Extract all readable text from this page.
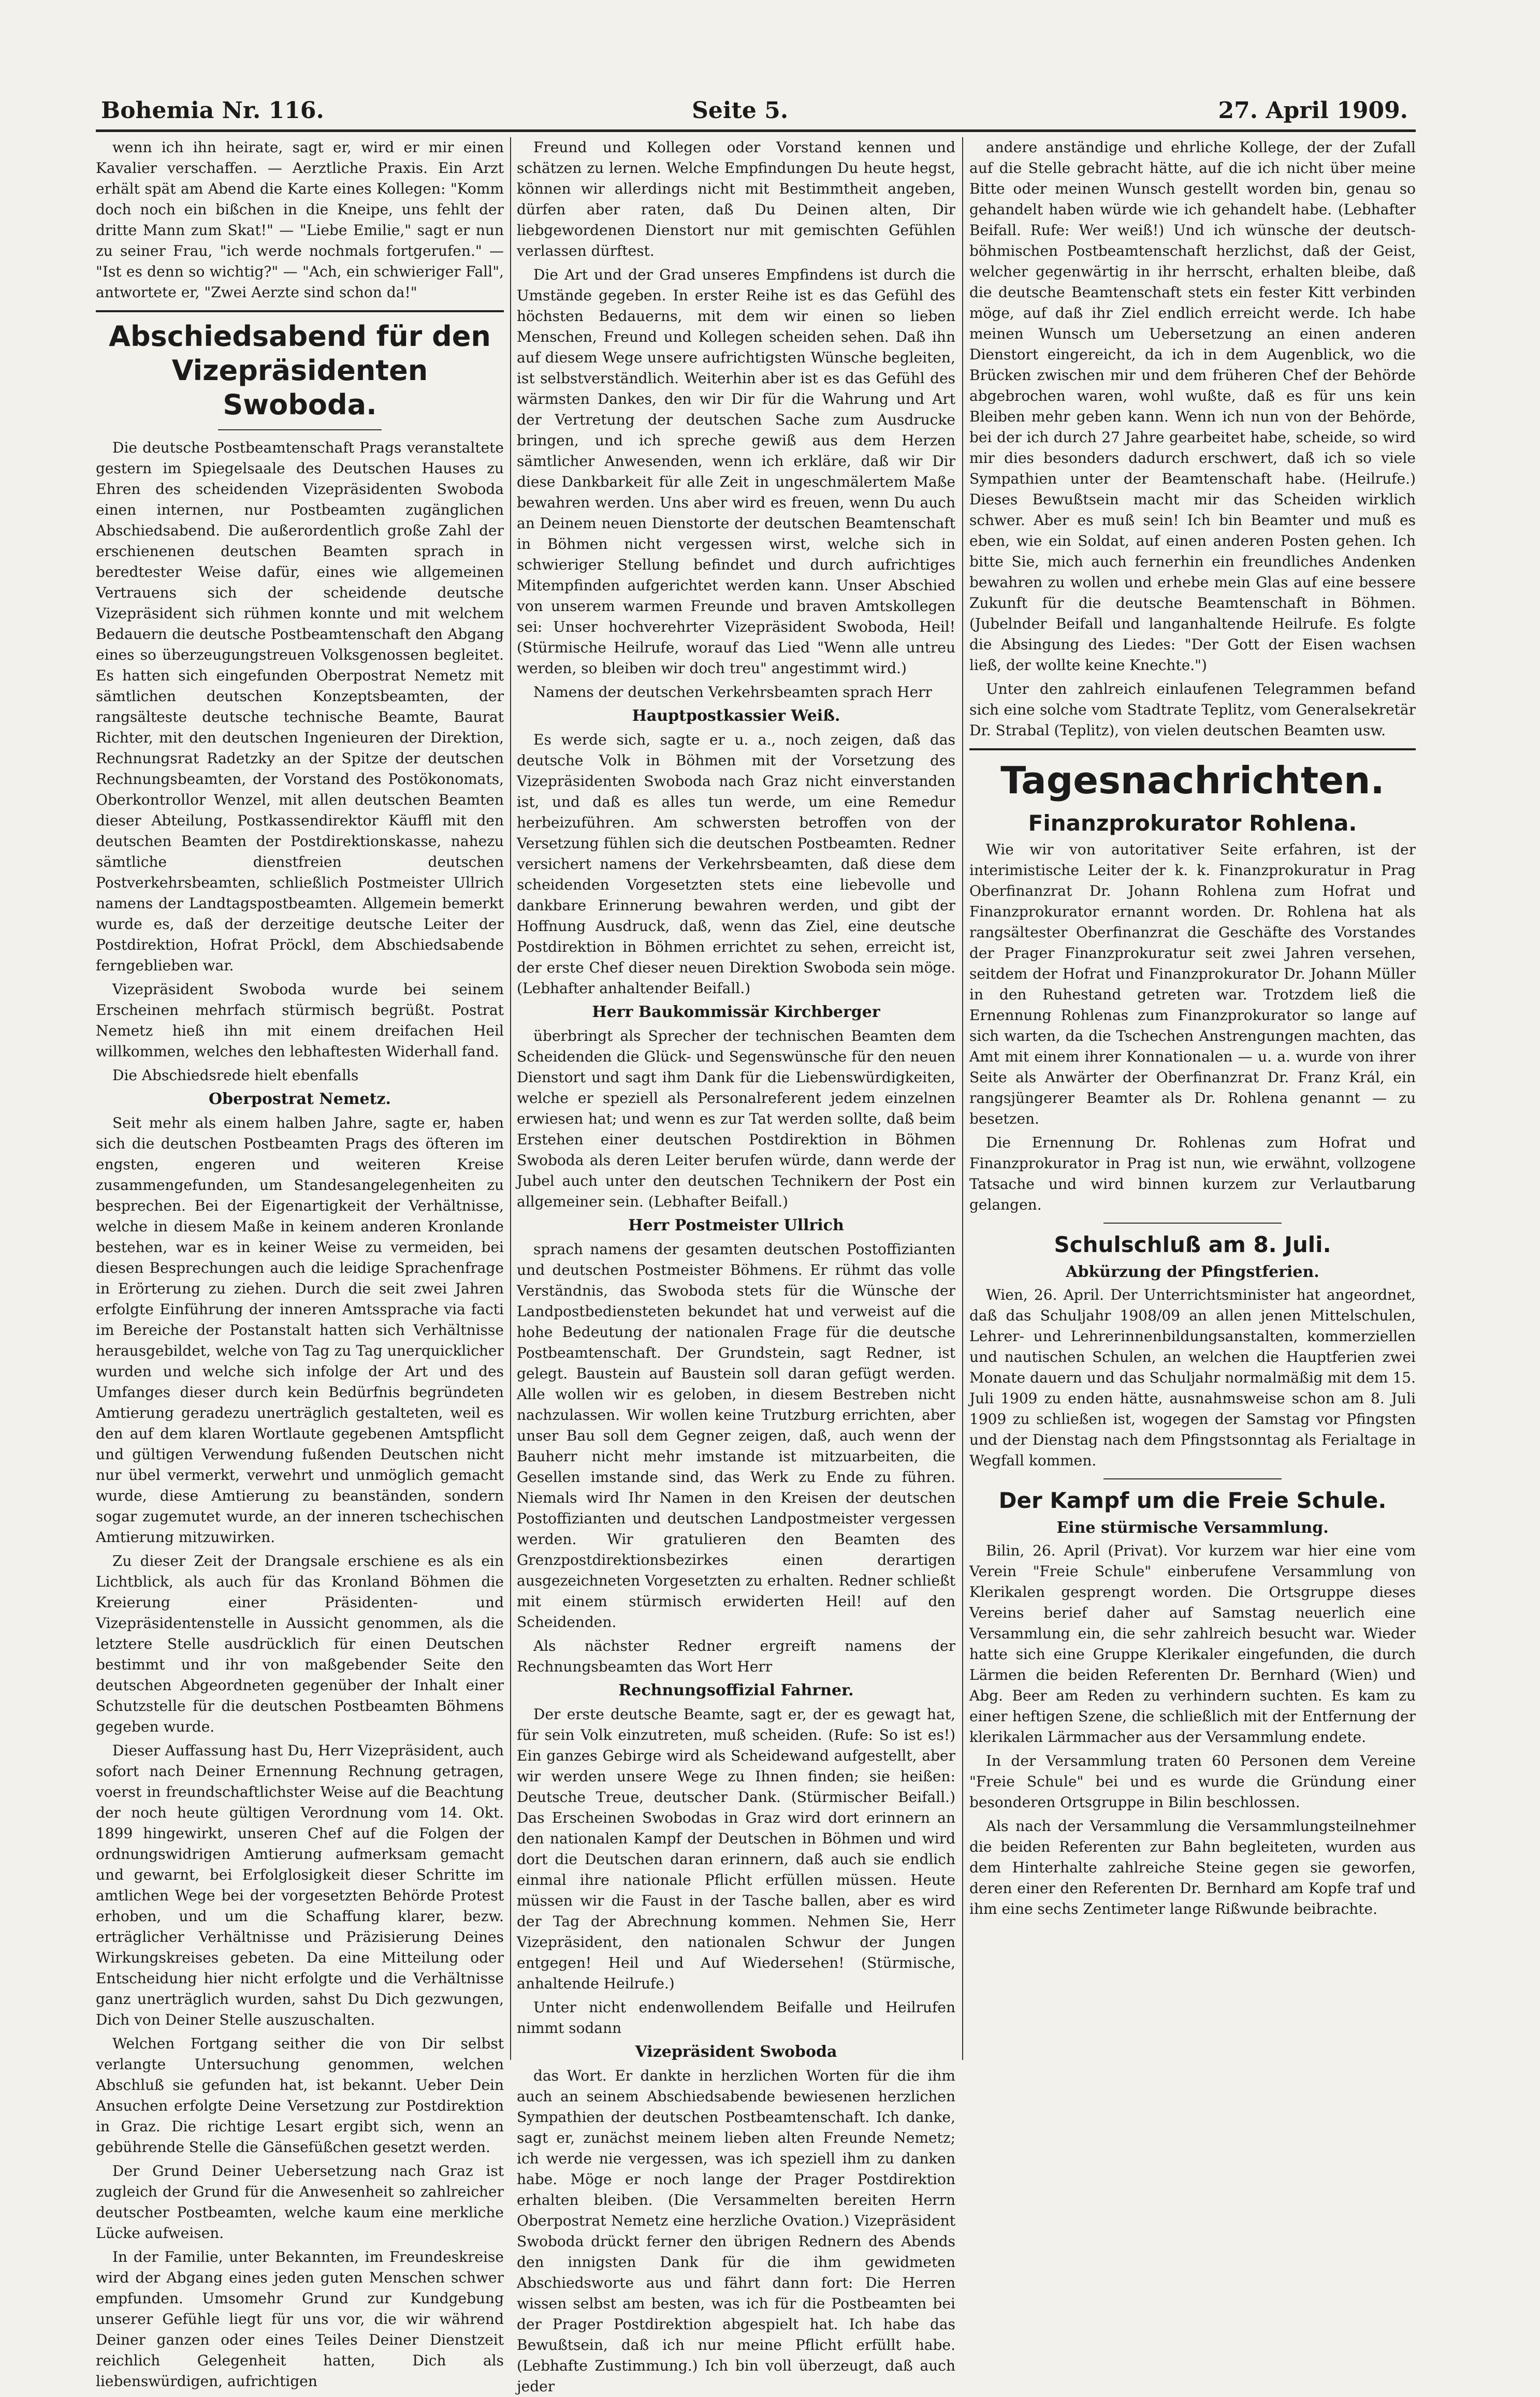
Bohemia Nr. 116.	Seite 5.	27. April 1909.

wenn ich ihn heirate, sagt er, wird er mir einen Kavalier verschaffen. — Aerztliche Praxis. Ein Arzt erhält spät am Abend die Karte eines Kollegen: "Komm doch noch ein bißchen in die Kneipe, uns fehlt der dritte Mann zum Skat!" — "Liebe Emilie," sagt er nun zu seiner Frau, "ich werde nochmals fortgerufen." — "Ist es denn so wichtig?" — "Ach, ein schwieriger Fall", antwortete er, "Zwei Aerzte sind schon da!"

Abschiedsabend für den Vizepräsidenten Swoboda.

Die deutsche Postbeamtenschaft Prags veranstaltete gestern im Spiegelsaale des Deutschen Hauses zu Ehren des scheidenden Vizepräsidenten Swoboda einen internen, nur Postbeamten zugänglichen Abschiedsabend. Die außerordentlich große Zahl der erschienenen deutschen Beamten sprach in beredtester Weise dafür, eines wie allgemeinen Vertrauens sich der scheidende deutsche Vizepräsident sich rühmen konnte und mit welchem Bedauern die deutsche Postbeamtenschaft den Abgang eines so überzeugungstreuen Volksgenossen begleitet. Es hatten sich eingefunden Oberpostrat Nemetz mit sämtlichen deutschen Konzeptsbeamten, der rangsälteste deutsche technische Beamte, Baurat Richter, mit den deutschen Ingenieuren der Direktion, Rechnungsrat Radetzky an der Spitze der deutschen Rechnungsbeamten, der Vorstand des Postökonomats, Oberkontrollor Wenzel, mit allen deutschen Beamten dieser Abteilung, Postkassendirektor Käuffl mit den deutschen Beamten der Postdirektionskasse, nahezu sämtliche dienstfreien deutschen Postverkehrsbeamten, schließlich Postmeister Ullrich namens der Landtagspostbeamten. Allgemein bemerkt wurde es, daß der derzeitige deutsche Leiter der Postdirektion, Hofrat Pröckl, dem Abschiedsabende ferngeblieben war.

Vizepräsident Swoboda wurde bei seinem Erscheinen mehrfach stürmisch begrüßt. Postrat Nemetz hieß ihn mit einem dreifachen Heil willkommen, welches den lebhaftesten Widerhall fand.

Die Abschiedsrede hielt ebenfalls

Oberpostrat Nemetz.

Seit mehr als einem halben Jahre, sagte er, haben sich die deutschen Postbeamten Prags des öfteren im engsten, engeren und weiteren Kreise zusammengefunden, um Standesangelegenheiten zu besprechen. Bei der Eigenartigkeit der Verhältnisse, welche in diesem Maße in keinem anderen Kronlande bestehen, war es in keiner Weise zu vermeiden, bei diesen Besprechungen auch die leidige Sprachenfrage in Erörterung zu ziehen. Durch die seit zwei Jahren erfolgte Einführung der inneren Amtssprache via facti im Bereiche der Postanstalt hatten sich Verhältnisse herausgebildet, welche von Tag zu Tag unerquicklicher wurden und welche sich infolge der Art und des Umfanges dieser durch kein Bedürfnis begründeten Amtierung geradezu unerträglich gestalteten, weil es den auf dem klaren Wortlaute gegebenen Amtspflicht und gültigen Verwendung fußenden Deutschen nicht nur übel vermerkt, verwehrt und unmöglich gemacht wurde, diese Amtierung zu beanständen, sondern sogar zugemutet wurde, an der inneren tschechischen Amtierung mitzuwirken.

Zu dieser Zeit der Drangsale erschiene es als ein Lichtblick, als auch für das Kronland Böhmen die Kreierung einer Präsidenten- und Vizepräsidentenstelle in Aussicht genommen, als die letztere Stelle ausdrücklich für einen Deutschen bestimmt und ihr von maßgebender Seite den deutschen Abgeordneten gegenüber der Inhalt einer Schutzstelle für die deutschen Postbeamten Böhmens gegeben wurde.

Dieser Auffassung hast Du, Herr Vizepräsident, auch sofort nach Deiner Ernennung Rechnung getragen, voerst in freundschaftlichster Weise auf die Beachtung der noch heute gültigen Verordnung vom 14. Okt. 1899 hingewirkt, unseren Chef auf die Folgen der ordnungswidrigen Amtierung aufmerksam gemacht und gewarnt, bei Erfolglosigkeit dieser Schritte im amtlichen Wege bei der vorgesetzten Behörde Protest erhoben, und um die Schaffung klarer, bezw. erträglicher Verhältnisse und Präzisierung Deines Wirkungskreises gebeten. Da eine Mitteilung oder Entscheidung hier nicht erfolgte und die Verhältnisse ganz unerträglich wurden, sahst Du Dich gezwungen, Dich von Deiner Stelle auszuschalten.

Welchen Fortgang seither die von Dir selbst verlangte Untersuchung genommen, welchen Abschluß sie gefunden hat, ist bekannt. Ueber Dein Ansuchen erfolgte Deine Versetzung zur Postdirektion in Graz. Die richtige Lesart ergibt sich, wenn an gebührende Stelle die Gänsefüßchen gesetzt werden.

Der Grund Deiner Uebersetzung nach Graz ist zugleich der Grund für die Anwesenheit so zahlreicher deutscher Postbeamten, welche kaum eine merkliche Lücke aufweisen.

In der Familie, unter Bekannten, im Freundeskreise wird der Abgang eines jeden guten Menschen schwer empfunden. Umsomehr Grund zur Kundgebung unserer Gefühle liegt für uns vor, die wir während Deiner ganzen oder eines Teiles Deiner Dienstzeit reichlich Gelegenheit hatten, Dich als liebenswürdigen, aufrichtigen

Freund und Kollegen oder Vorstand kennen und schätzen zu lernen. Welche Empfindungen Du heute hegst, können wir allerdings nicht mit Bestimmtheit angeben, dürfen aber raten, daß Du Deinen alten, Dir liebgewordenen Dienstort nur mit gemischten Gefühlen verlassen dürftest.

Die Art und der Grad unseres Empfindens ist durch die Umstände gegeben. In erster Reihe ist es das Gefühl des höchsten Bedauerns, mit dem wir einen so lieben Menschen, Freund und Kollegen scheiden sehen. Daß ihn auf diesem Wege unsere aufrichtigsten Wünsche begleiten, ist selbstverständlich. Weiterhin aber ist es das Gefühl des wärmsten Dankes, den wir Dir für die Wahrung und Art der Vertretung der deutschen Sache zum Ausdrucke bringen, und ich spreche gewiß aus dem Herzen sämtlicher Anwesenden, wenn ich erkläre, daß wir Dir diese Dankbarkeit für alle Zeit in ungeschmälertem Maße bewahren werden. Uns aber wird es freuen, wenn Du auch an Deinem neuen Dienstorte der deutschen Beamtenschaft in Böhmen nicht vergessen wirst, welche sich in schwieriger Stellung befindet und durch aufrichtiges Mitempfinden aufgerichtet werden kann. Unser Abschied von unserem warmen Freunde und braven Amtskollegen sei: Unser hochverehrter Vizepräsident Swoboda, Heil! (Stürmische Heilrufe, worauf das Lied "Wenn alle untreu werden, so bleiben wir doch treu" angestimmt wird.)

Namens der deutschen Verkehrsbeamten sprach Herr

Hauptpostkassier Weiß.

Es werde sich, sagte er u. a., noch zeigen, daß das deutsche Volk in Böhmen mit der Vorsetzung des Vizepräsidenten Swoboda nach Graz nicht einverstanden ist, und daß es alles tun werde, um eine Remedur herbeizuführen. Am schwersten betroffen von der Versetzung fühlen sich die deutschen Postbeamten. Redner versichert namens der Verkehrsbeamten, daß diese dem scheidenden Vorgesetzten stets eine liebevolle und dankbare Erinnerung bewahren werden, und gibt der Hoffnung Ausdruck, daß, wenn das Ziel, eine deutsche Postdirektion in Böhmen errichtet zu sehen, erreicht ist, der erste Chef dieser neuen Direktion Swoboda sein möge. (Lebhafter anhaltender Beifall.)

Herr Baukommissär Kirchberger

überbringt als Sprecher der technischen Beamten dem Scheidenden die Glück- und Segenswünsche für den neuen Dienstort und sagt ihm Dank für die Liebenswürdigkeiten, welche er speziell als Personalreferent jedem einzelnen erwiesen hat; und wenn es zur Tat werden sollte, daß beim Erstehen einer deutschen Postdirektion in Böhmen Swoboda als deren Leiter berufen würde, dann werde der Jubel auch unter den deutschen Technikern der Post ein allgemeiner sein. (Lebhafter Beifall.)

Herr Postmeister Ullrich

sprach namens der gesamten deutschen Postoffizianten und deutschen Postmeister Böhmens. Er rühmt das volle Verständnis, das Swoboda stets für die Wünsche der Landpostbediensteten bekundet hat und verweist auf die hohe Bedeutung der nationalen Frage für die deutsche Postbeamtenschaft. Der Grundstein, sagt Redner, ist gelegt. Baustein auf Baustein soll daran gefügt werden. Alle wollen wir es geloben, in diesem Bestreben nicht nachzulassen. Wir wollen keine Trutzburg errichten, aber unser Bau soll dem Gegner zeigen, daß, auch wenn der Bauherr nicht mehr imstande ist mitzuarbeiten, die Gesellen imstande sind, das Werk zu Ende zu führen. Niemals wird Ihr Namen in den Kreisen der deutschen Postoffizianten und deutschen Landpostmeister vergessen werden. Wir gratulieren den Beamten des Grenzpostdirektionsbezirkes einen derartigen ausgezeichneten Vorgesetzten zu erhalten. Redner schließt mit einem stürmisch erwiderten Heil! auf den Scheidenden.

Als nächster Redner ergreift namens der Rechnungsbeamten das Wort Herr

Rechnungsoffizial Fahrner.

Der erste deutsche Beamte, sagt er, der es gewagt hat, für sein Volk einzutreten, muß scheiden. (Rufe: So ist es!) Ein ganzes Gebirge wird als Scheidewand aufgestellt, aber wir werden unsere Wege zu Ihnen finden; sie heißen: Deutsche Treue, deutscher Dank. (Stürmischer Beifall.) Das Erscheinen Swobodas in Graz wird dort erinnern an den nationalen Kampf der Deutschen in Böhmen und wird dort die Deutschen daran erinnern, daß auch sie endlich einmal ihre nationale Pflicht erfüllen müssen. Heute müssen wir die Faust in der Tasche ballen, aber es wird der Tag der Abrechnung kommen. Nehmen Sie, Herr Vizepräsident, den nationalen Schwur der Jungen entgegen! Heil und Auf Wiedersehen! (Stürmische, anhaltende Heilrufe.)

Unter nicht endenwollendem Beifalle und Heilrufen nimmt sodann

Vizepräsident Swoboda

das Wort. Er dankte in herzlichen Worten für die ihm auch an seinem Abschiedsabende bewiesenen herzlichen Sympathien der deutschen Postbeamtenschaft. Ich danke, sagt er, zunächst meinem lieben alten Freunde Nemetz; ich werde nie vergessen, was ich speziell ihm zu danken habe. Möge er noch lange der Prager Postdirektion erhalten bleiben. (Die Versammelten bereiten Herrn Oberpostrat Nemetz eine herzliche Ovation.) Vizepräsident Swoboda drückt ferner den übrigen Rednern des Abends den innigsten Dank für die ihm gewidmeten Abschiedsworte aus und fährt dann fort: Die Herren wissen selbst am besten, was ich für die Postbeamten bei der Prager Postdirektion abgespielt hat. Ich habe das Bewußtsein, daß ich nur meine Pflicht erfüllt habe. (Lebhafte Zustimmung.) Ich bin voll überzeugt, daß auch jeder

andere anständige und ehrliche Kollege, der der Zufall auf die Stelle gebracht hätte, auf die ich nicht über meine Bitte oder meinen Wunsch gestellt worden bin, genau so gehandelt haben würde wie ich gehandelt habe. (Lebhafter Beifall. Rufe: Wer weiß!) Und ich wünsche der deutsch-böhmischen Postbeamtenschaft herzlichst, daß der Geist, welcher gegenwärtig in ihr herrscht, erhalten bleibe, daß die deutsche Beamtenschaft stets ein fester Kitt verbinden möge, auf daß ihr Ziel endlich erreicht werde. Ich habe meinen Wunsch um Uebersetzung an einen anderen Dienstort eingereicht, da ich in dem Augenblick, wo die Brücken zwischen mir und dem früheren Chef der Behörde abgebrochen waren, wohl wußte, daß es für uns kein Bleiben mehr geben kann. Wenn ich nun von der Behörde, bei der ich durch 27 Jahre gearbeitet habe, scheide, so wird mir dies besonders dadurch erschwert, daß ich so viele Sympathien unter der Beamtenschaft habe. (Heilrufe.) Dieses Bewußtsein macht mir das Scheiden wirklich schwer. Aber es muß sein! Ich bin Beamter und muß es eben, wie ein Soldat, auf einen anderen Posten gehen. Ich bitte Sie, mich auch fernerhin ein freundliches Andenken bewahren zu wollen und erhebe mein Glas auf eine bessere Zukunft für die deutsche Beamtenschaft in Böhmen. (Jubelnder Beifall und langanhaltende Heilrufe. Es folgte die Absingung des Liedes: "Der Gott der Eisen wachsen ließ, der wollte keine Knechte.")

Unter den zahlreich einlaufenen Telegrammen befand sich eine solche vom Stadtrate Teplitz, vom Generalsekretär Dr. Strabal (Teplitz), von vielen deutschen Beamten usw.

Tagesnachrichten.
Finanzprokurator Rohlena.

Wie wir von autoritativer Seite erfahren, ist der interimistische Leiter der k. k. Finanzprokuratur in Prag Oberfinanzrat Dr. Johann Rohlena zum Hofrat und Finanzprokurator ernannt worden. Dr. Rohlena hat als rangsältester Oberfinanzrat die Geschäfte des Vorstandes der Prager Finanzprokuratur seit zwei Jahren versehen, seitdem der Hofrat und Finanzprokurator Dr. Johann Müller in den Ruhestand getreten war. Trotzdem ließ die Ernennung Rohlenas zum Finanzprokurator so lange auf sich warten, da die Tschechen Anstrengungen machten, das Amt mit einem ihrer Konnationalen — u. a. wurde von ihrer Seite als Anwärter der Oberfinanzrat Dr. Franz Král, ein rangsjüngerer Beamter als Dr. Rohlena genannt — zu besetzen.

Die Ernennung Dr. Rohlenas zum Hofrat und Finanzprokurator in Prag ist nun, wie erwähnt, vollzogene Tatsache und wird binnen kurzem zur Verlautbarung gelangen.

Schulschluß am 8. Juli.
Abkürzung der Pfingstferien.

Wien, 26. April. Der Unterrichtsminister hat angeordnet, daß das Schuljahr 1908/09 an allen jenen Mittelschulen, Lehrer- und Lehrerinnenbildungsanstalten, kommerziellen und nautischen Schulen, an welchen die Hauptferien zwei Monate dauern und das Schuljahr normalmäßig mit dem 15. Juli 1909 zu enden hätte, ausnahmsweise schon am 8. Juli 1909 zu schließen ist, wogegen der Samstag vor Pfingsten und der Dienstag nach dem Pfingstsonntag als Ferialtage in Wegfall kommen.

Der Kampf um die Freie Schule.
Eine stürmische Versammlung.

Bilin, 26. April (Privat). Vor kurzem war hier eine vom Verein "Freie Schule" einberufene Versammlung von Klerikalen gesprengt worden. Die Ortsgruppe dieses Vereins berief daher auf Samstag neuerlich eine Versammlung ein, die sehr zahlreich besucht war. Wieder hatte sich eine Gruppe Klerikaler eingefunden, die durch Lärmen die beiden Referenten Dr. Bernhard (Wien) und Abg. Beer am Reden zu verhindern suchten. Es kam zu einer heftigen Szene, die schließlich mit der Entfernung der klerikalen Lärmmacher aus der Versammlung endete.

In der Versammlung traten 60 Personen dem Vereine "Freie Schule" bei und es wurde die Gründung einer besonderen Ortsgruppe in Bilin beschlossen.

Als nach der Versammlung die Versammlungsteilnehmer die beiden Referenten zur Bahn begleiteten, wurden aus dem Hinterhalte zahlreiche Steine gegen sie geworfen, deren einer den Referenten Dr. Bernhard am Kopfe traf und ihm eine sechs Zentimeter lange Rißwunde beibrachte.
